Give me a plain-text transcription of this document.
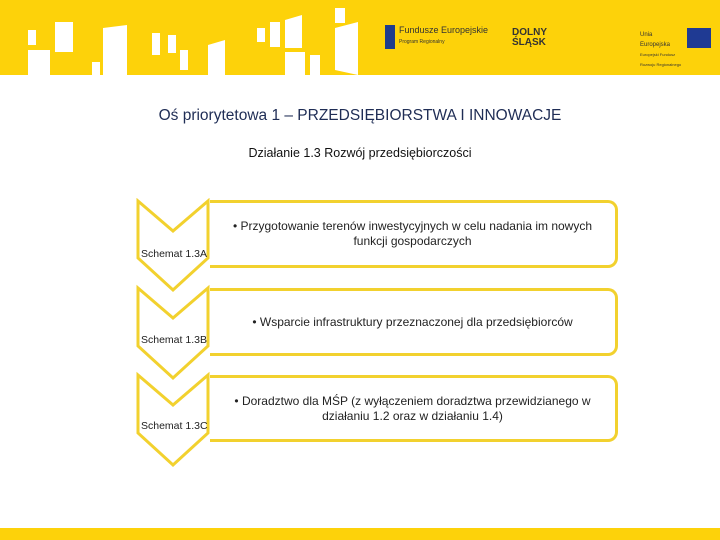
Fundusze Europejskie
Program Regionalny
DOLNY ŚLĄSK
Unia Europejska
Europejski Fundusz Rozwoju Regionalnego
Oś priorytetowa 1 – PRZEDSIĘBIORSTWA I INNOWACJE
Działanie 1.3 Rozwój przedsiębiorczości
• Przygotowanie terenów inwestycyjnych w celu nadania im nowych funkcji gospodarczych
• Wsparcie infrastruktury przeznaczonej dla przedsiębiorców
• Doradztwo dla MŚP (z wyłączeniem doradztwa przewidzianego w działaniu 1.2 oraz w działaniu 1.4)
Schemat 1.3A
Schemat 1.3B
Schemat 1.3C
